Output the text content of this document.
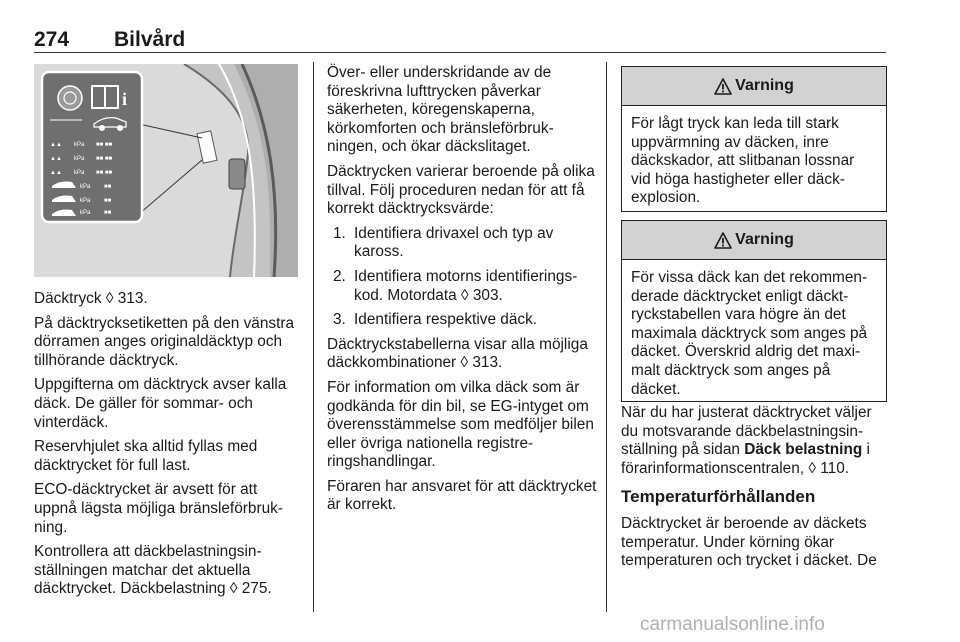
274 Bilvård
i
▲▲ kPa ■■ ■■
▲▲ kPa ■■ ■■
▲▲ kPa ■■ ■■
kPa ■■
kPa ■■
kPa ■■

Däcktryck ◊ 313.

På däcktrycksetiketten på den vänstra dörramen anges originaldäcktyp och tillhörande däcktryck.

Uppgifterna om däcktryck avser kalla däck. De gäller för sommar- och vinterdäck.

Reservhjulet ska alltid fyllas med däcktrycket för full last.

ECO-däcktrycket är avsett för att uppnå lägsta möjliga bränsleförbrukning.

Kontrollera att däckbelastningsinställningen matchar det aktuella däcktrycket. Däckbelastning ◊ 275.

Över- eller underskridande av de föreskrivna lufttrycken påverkar säkerheten, köregenskaperna, körkomforten och bränsleförbrukningen, och ökar däckslitaget.

Däcktrycken varierar beroende på olika tillval. Följ proceduren nedan för att få korrekt däcktrycksvärde:

1. Identifiera drivaxel och typ av kaross.
2. Identifiera motorns identifieringskod. Motordata ◊ 303.
3. Identifiera respektive däck.

Däcktryckstabellerna visar alla möjliga däckkombinationer ◊ 313.

För information om vilka däck som är godkända för din bil, se EG-intyget om överensstämmelse som medföljer bilen eller övriga nationella registreringshandlingar.

Föraren har ansvaret för att däcktrycket är korrekt.

Varning
För lågt tryck kan leda till stark uppvärmning av däcken, inre däckskador, att slitbanan lossnar vid höga hastigheter eller däckexplosion.
Varning
För vissa däck kan det rekommenderade däcktrycket enligt däcktryckstabellen vara högre än det maximala däcktryck som anges på däcket. Överskrid aldrig det maximalt däcktryck som anges på däcket.

När du har justerat däcktrycket väljer du motsvarande däckbelastningsinställning på sidan Däck belastning i förarinformationscentralen, ◊ 110.

Temperaturförhållanden

Däcktrycket är beroende av däckets temperatur. Under körning ökar temperaturen och trycket i däcket. De

carmanualsonline.info
